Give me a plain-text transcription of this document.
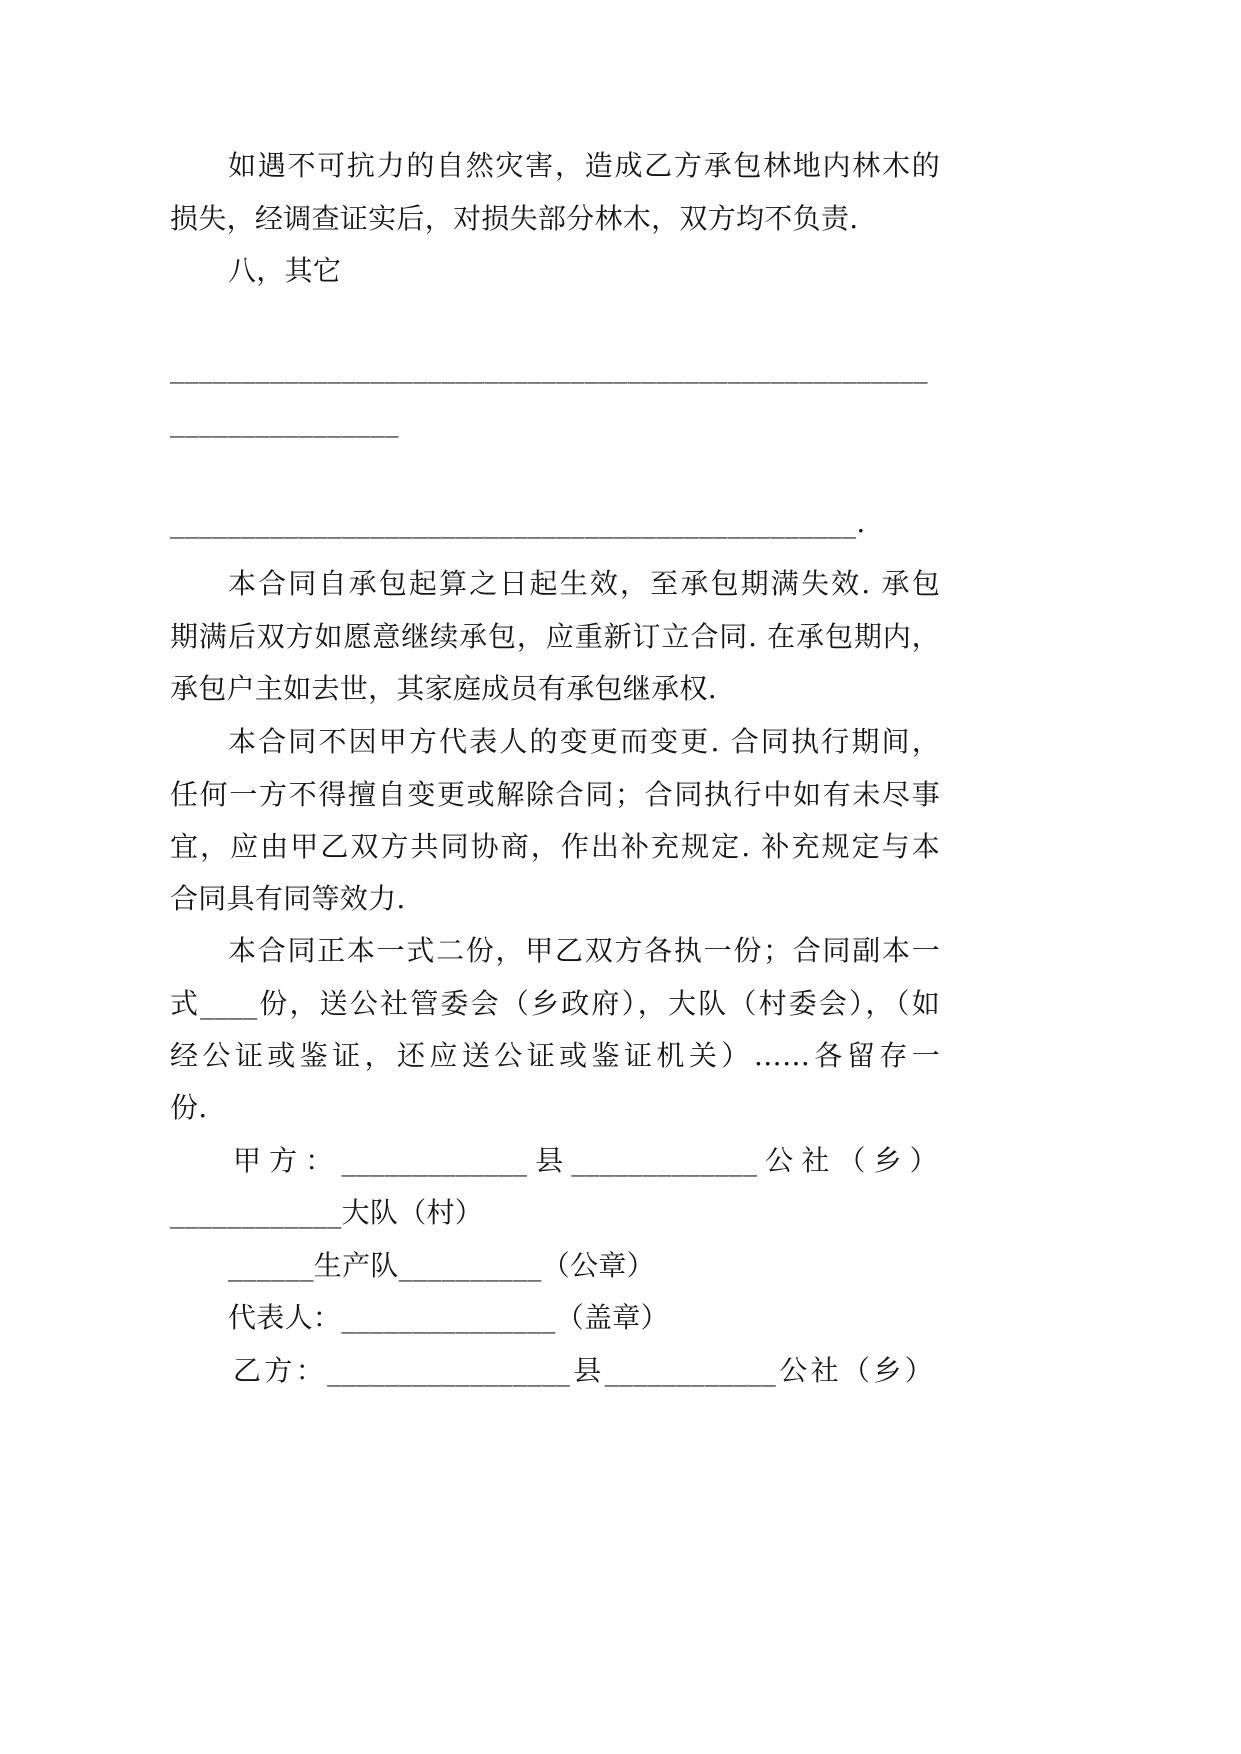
如遇不可抗力的自然灾害，造成乙方承包林地内林木的

损失，经调查证实后，对损失部分林木，双方均不负责.

八，其它

_____________________________________________________

________________

________________________________________________.

本合同自承包起算之日起生效，至承包期满失效. 承包

期满后双方如愿意继续承包，应重新订立合同. 在承包期内，

承包户主如去世，其家庭成员有承包继承权.

本合同不因甲方代表人的变更而变更. 合同执行期间，

任何一方不得擅自变更或解除合同；合同执行中如有未尽事

宜，应由甲乙双方共同协商，作出补充规定. 补充规定与本

合同具有同等效力.

本合同正本一式二份，甲乙双方各执一份；合同副本一

式____份，送公社管委会（乡政府），大队（村委会），（如

经公证或鉴证，还应送公证或鉴证机关）……各留存一

份.

甲方：_____________县_____________公社（乡）

____________大队（村）

______生产队__________（公章）

代表人：_______________（盖章）

乙方：_________________县____________公社（乡）
